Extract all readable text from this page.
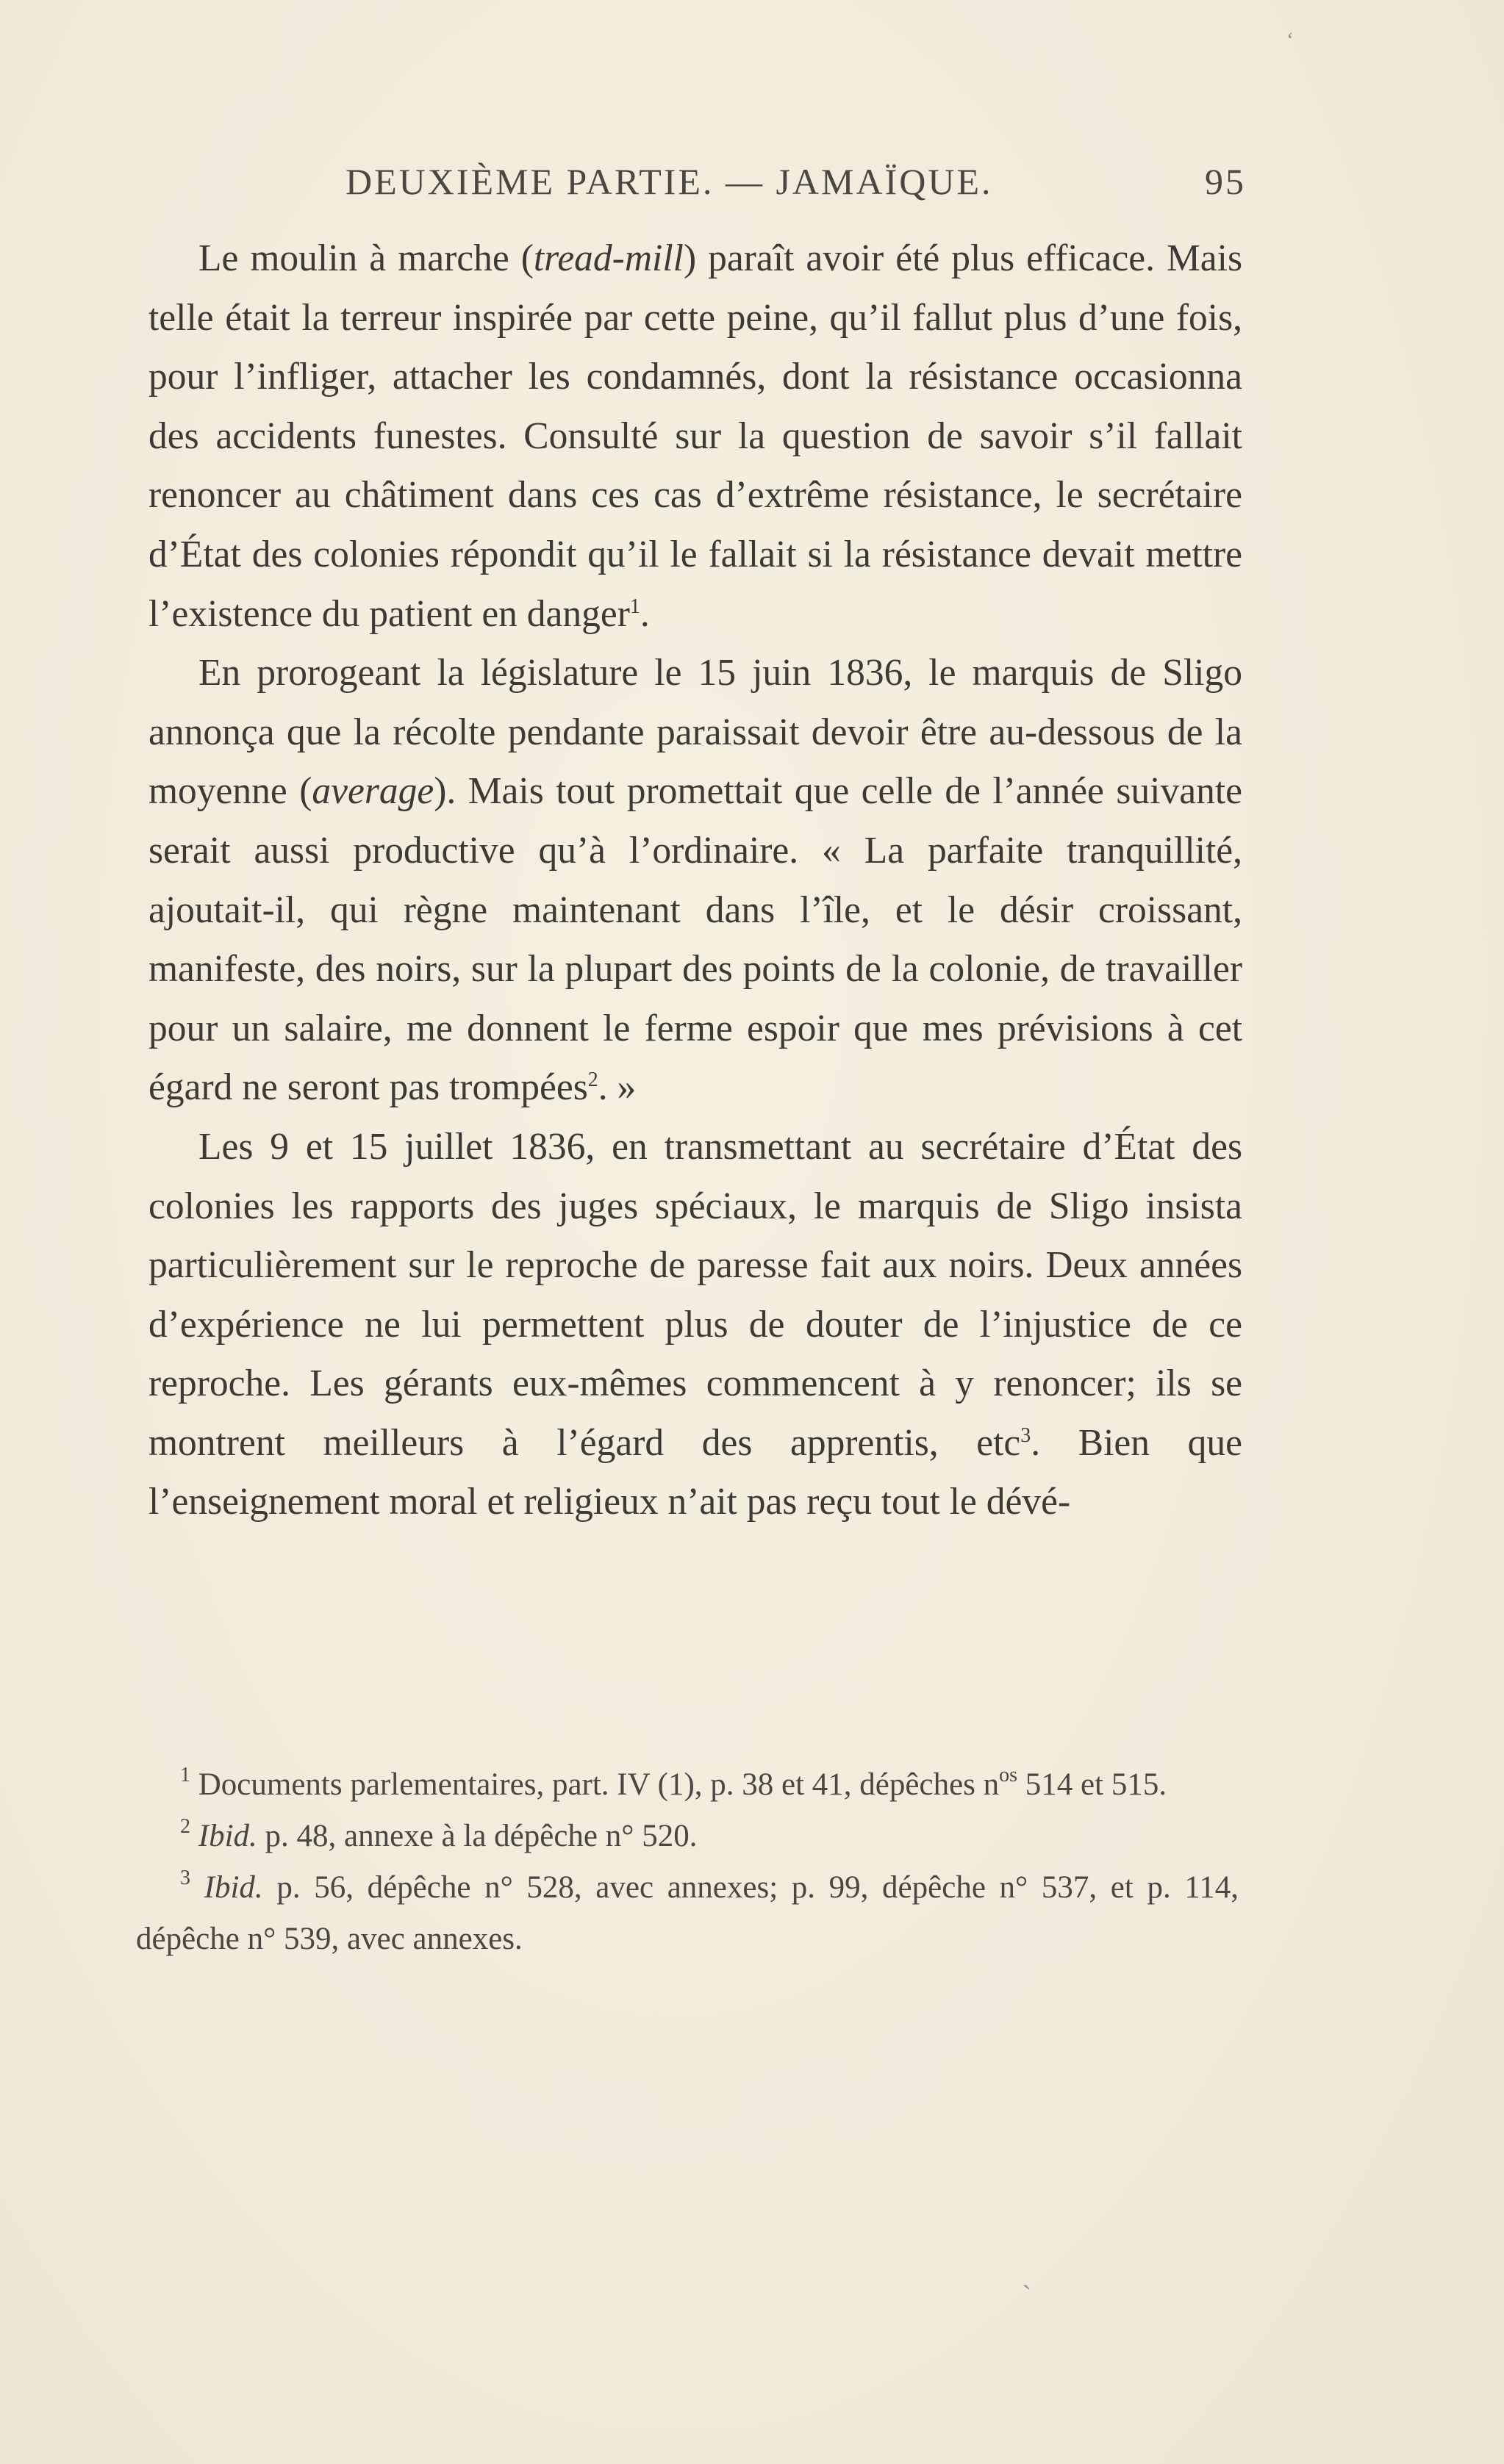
‘
DEUXIÈME PARTIE. — JAMAÏQUE.	95

Le moulin à marche (tread-mill) paraît avoir été plus efficace. Mais telle était la terreur inspirée par cette peine, qu’il fallut plus d’une fois, pour l’infliger, attacher les condamnés, dont la résistance occasionna des accidents funestes. Consulté sur la question de savoir s’il fallait renoncer au châtiment dans ces cas d’extrême résistance, le secrétaire d’État des colonies répondit qu’il le fallait si la résistance devait mettre l’existence du patient en danger$^1$.

En prorogeant la législature le 15 juin 1836, le marquis de Sligo annonça que la récolte pendante paraissait devoir être au-dessous de la moyenne (average). Mais tout promettait que celle de l’année suivante serait aussi productive qu’à l’ordinaire. « La parfaite tranquillité, ajoutait-il, qui règne maintenant dans l’île, et le désir croissant, manifeste, des noirs, sur la plupart des points de la colonie, de travailler pour un salaire, me donnent le ferme espoir que mes prévisions à cet égard ne seront pas trompées$^2$. »

Les 9 et 15 juillet 1836, en transmettant au secrétaire d’État des colonies les rapports des juges spéciaux, le marquis de Sligo insista particulièrement sur le reproche de paresse fait aux noirs. Deux années d’expérience ne lui permettent plus de douter de l’injustice de ce reproche. Les gérants eux-mêmes commencent à y renoncer; ils se montrent meilleurs à l’égard des apprentis, etc$^3$. Bien que l’enseignement moral et religieux n’ait pas reçu tout le dévé-

$^1$ Documents parlementaires, part. IV (1), p. 38 et 41, dépêches n$^{os}$ 514 et 515.

$^2$ Ibid. p. 48, annexe à la dépêche n° 520.

$^3$ Ibid. p. 56, dépêche n° 528, avec annexes; p. 99, dépêche n° 537, et p. 114, dépêche n° 539, avec annexes.

ˏ
